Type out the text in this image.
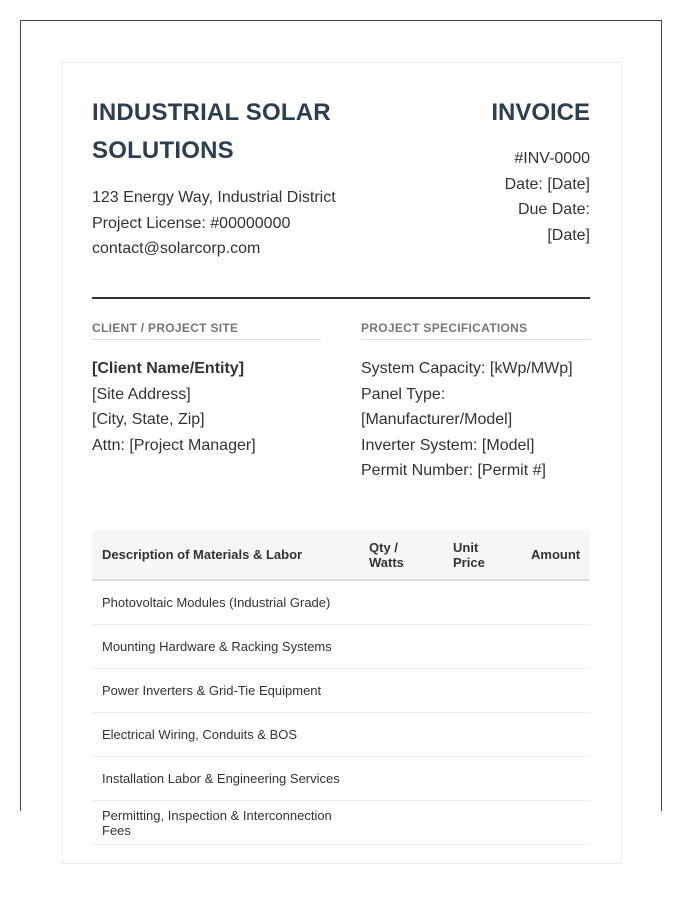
INDUSTRIAL SOLAR SOLUTIONS
123 Energy Way, Industrial District
Project License: #00000000
contact@solarcorp.com
INVOICE
#INV-0000
Date: [Date]
Due Date: [Date]
CLIENT / PROJECT SITE	PROJECT SPECIFICATIONS
[Client Name/Entity]
[Site Address]
[City, State, Zip]
Attn: [Project Manager]
System Capacity: [kWp/MWp]
Panel Type: [Manufacturer/Model]
Inverter System: [Model]
Permit Number: [Permit #]
Description of Materials & Labor	Qty / Watts	Unit Price	Amount
Photovoltaic Modules (Industrial Grade)			
Mounting Hardware & Racking Systems			
Power Inverters & Grid-Tie Equipment			
Electrical Wiring, Conduits & BOS			
Installation Labor & Engineering Services			
Permitting, Inspection & Interconnection Fees			
